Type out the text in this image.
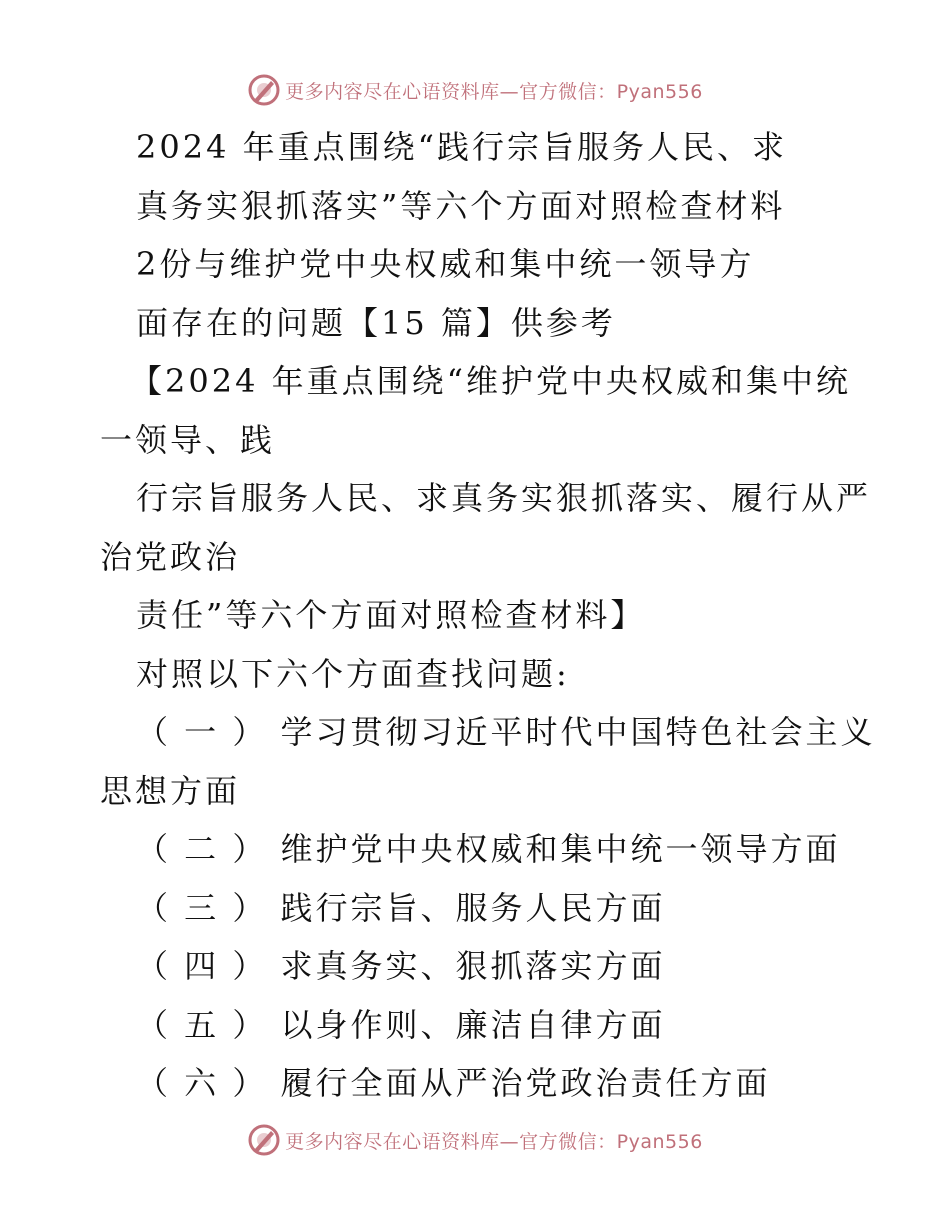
更多内容尽在心语资料库—官方微信：Pyan556
2024 年重点围绕“践行宗旨服务人民、求
真务实狠抓落实”等六个方面对照检查材料
2份与维护党中央权威和集中统一领导方
面存在的问题【15 篇】供参考
【2024 年重点围绕“维护党中央权威和集中统
一领导、践
行宗旨服务人民、求真务实狠抓落实、履行从严
治党政治
责任”等六个方面对照检查材料】
对照以下六个方面查找问题:
（ 一 ） 学习贯彻习近平时代中国特色社会主义
思想方面
（ 二 ） 维护党中央权威和集中统一领导方面
（ 三 ） 践行宗旨、服务人民方面
（ 四 ） 求真务实、狠抓落实方面
（ 五 ） 以身作则、廉洁自律方面
（ 六 ） 履行全面从严治党政治责任方面
更多内容尽在心语资料库—官方微信：Pyan556
